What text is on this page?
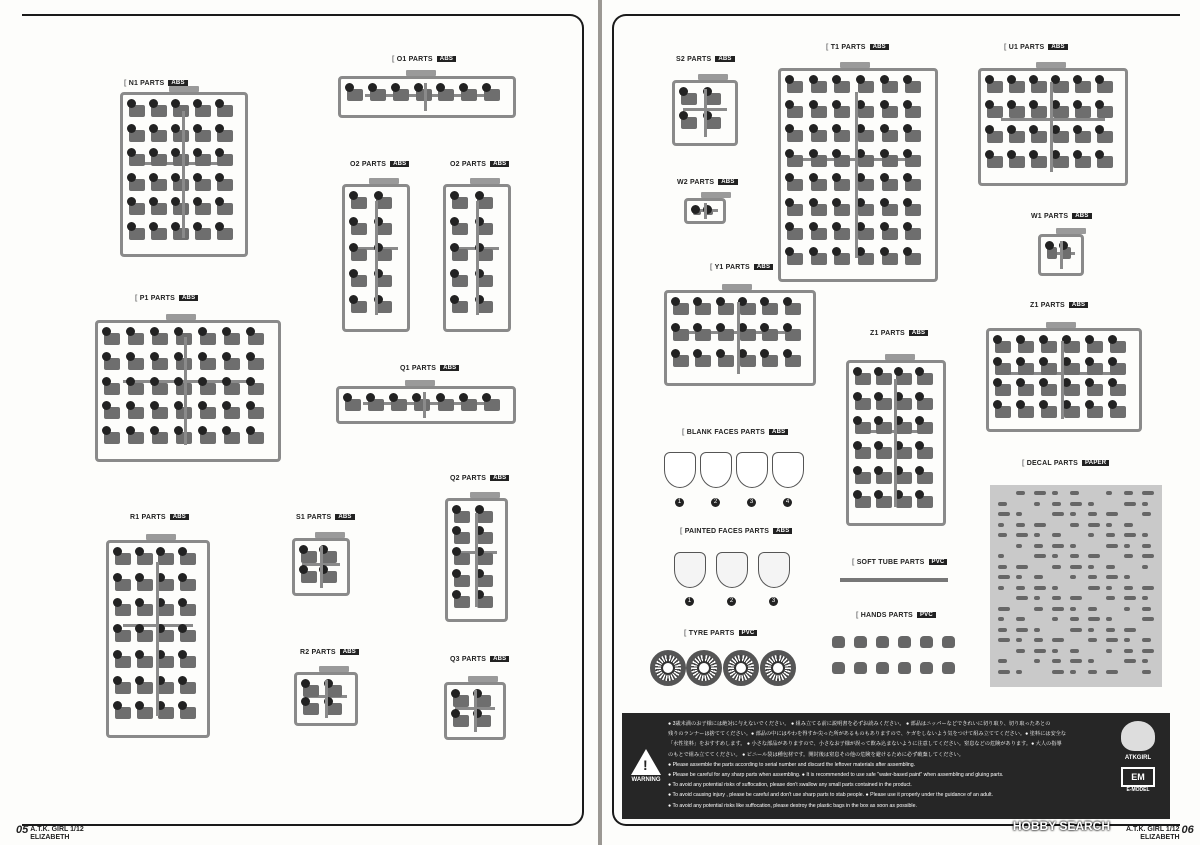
[ N1 PARTS ABS
[ O1 PARTS ABS
O2 PARTS ABS	O2 PARTS ABS
[ P1 PARTS ABS
Q1 PARTS ABS
Q2 PARTS ABS
R1 PARTS ABS	S1 PARTS ABS
R2 PARTS ABS
Q3 PARTS ABS
05 A.T.K. GIRL 1/12
ELIZABETH
S2 PARTS ABS
[ T1 PARTS ABS	[ U1 PARTS ABS
W2 PARTS ABS
W1 PARTS ABS
[ Y1 PARTS ABS
Z1 PARTS ABS
Z1 PARTS ABS
[ BLANK FACES PARTS ABS
[ PAINTED FACES PARTS ABS
[ DECAL PARTS PAPER
[ SOFT TUBE PARTS PVC
[ HANDS PARTS PVC
[ TYRE PARTS PVC
1	2	3	4
1	2	3
!
WARNING
● 3歳未満のお子様には絶対に与えないでください。 ● 組み立てる前に説明書を必ずお読みください。 ● 部品はニッパーなどできれいに切り取り、切り取ったあとの
残りのランナーは捨ててください。● 部品の中にはやわを得すか尖った所があるものもありますので、ケガをしないよう気をつけて組み立ててください。● 塗料には安全な
「水性塗料」をおすすめします。 ● 小さな部品がありますので、小さなお子様が誤って飲み込まないように注意してください。窒息などの危険があります。● 大人の指導
のもとで組み立ててください。 ● ビニール袋は種包材です。開封後は窒息その他の危険を避けるために必ず破棄してください。
● Please assemble the parts according to serial number and discard the leftover materials after assembling.
● Please be careful for any sharp parts when assembling. ● It is recommended to use safe "water-based paint" when assembling and gluing parts.
● To avoid any potential risks of suffocation, please don't swallow any small parts contained in the product.
● To avoid causing injury , please be careful and don't use sharp parts to stab people. ● Please use it properly under the guidance of an adult.
● To avoid any potential risks like suffocation, please destroy the plastic bags in the box as soon as possible.
ATKGIRL
EM
E-MODEL
A.T.K. GIRL 1/12
ELIZABETH
06
HOBBY SEARCH
